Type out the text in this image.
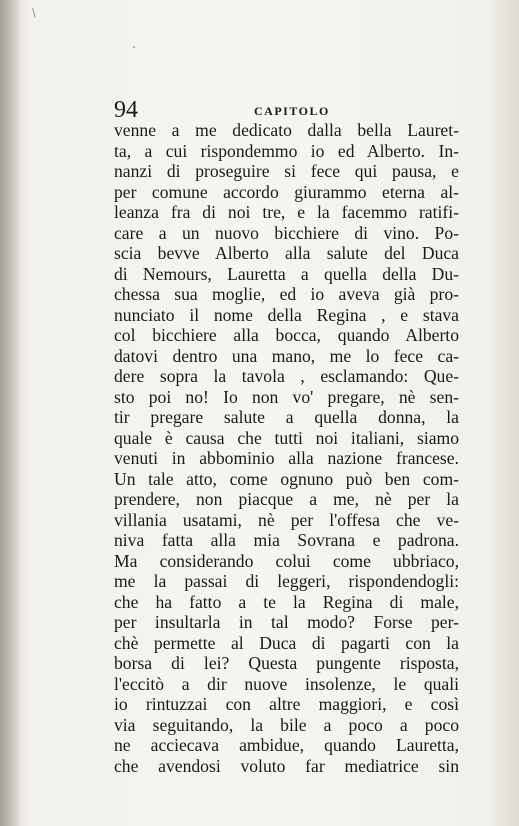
\
-
94	CAPITOLO
venne a me dedicato dalla bella Lauret-
ta, a cui rispondemmo io ed Alberto. In-
nanzi di proseguire si fece qui pausa, e
per comune accordo giurammo eterna al-
leanza fra di noi tre, e la facemmo ratifi-
care a un nuovo bicchiere di vino. Po-
scia bevve Alberto alla salute del Duca
di Nemours, Lauretta a quella della Du-
chessa sua moglie, ed io aveva già pro-
nunciato il nome della Regina , e stava
col bicchiere alla bocca, quando Alberto
datovi dentro una mano, me lo fece ca-
dere sopra la tavola , esclamando: Que-
sto poi no! Io non vo' pregare, nè sen-
tir pregare salute a quella donna, la
quale è causa che tutti noi italiani, siamo
venuti in abbominio alla nazione francese.
Un tale atto, come ognuno può ben com-
prendere, non piacque a me, nè per la
villania usatami, nè per l'offesa che ve-
niva fatta alla mia Sovrana e padrona.
Ma considerando colui come ubbriaco,
me la passai di leggeri, rispondendogli:
che ha fatto a te la Regina di male,
per insultarla in tal modo? Forse per-
chè permette al Duca di pagarti con la
borsa di lei? Questa pungente risposta,
l'eccitò a dir nuove insolenze, le quali
io rintuzzai con altre maggiori, e così
via seguitando, la bile a poco a poco
ne acciecava ambidue, quando Lauretta,
che avendosi voluto far mediatrice sin
